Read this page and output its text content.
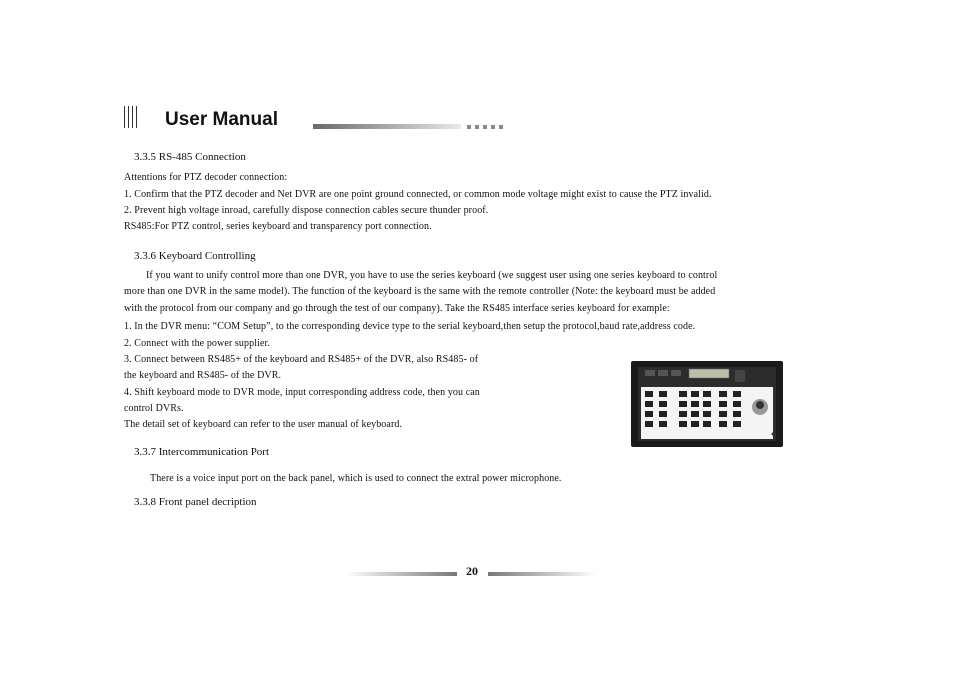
User Manual
3.3.5 RS-485 Connection
Attentions for PTZ decoder connection:
1. Confirm that the PTZ decoder and Net DVR are one point ground connected, or common mode voltage might exist to cause the PTZ invalid.
2. Prevent high voltage inroad, carefully dispose connection cables secure thunder proof.
RS485:For PTZ control, series keyboard and transparency port connection.
3.3.6 Keyboard Controlling
If you want to unify control more than one DVR, you have to use the series keyboard (we suggest user using one series keyboard to control
more than one DVR in the same model). The function of the keyboard is the same with the remote controller (Note: the keyboard must be added
with the protocol from our company and go through the test of our company). Take the RS485 interface series keyboard for example:
1. In the DVR menu: “COM Setup”, to the corresponding device type to the serial keyboard,then setup the protocol,baud rate,address code.
2. Connect with the power supplier.
3. Connect between RS485+ of the keyboard and RS485+ of the DVR, also RS485- of
the keyboard and RS485- of the DVR.
4. Shift keyboard mode to DVR mode, input corresponding address code, then you can
control DVRs.
The detail set of keyboard can refer to the user manual of keyboard.
3.3.7 Intercommunication Port
There is a voice input port on the back panel, which is used to connect the extral power microphone.
3.3.8 Front panel decription
20
